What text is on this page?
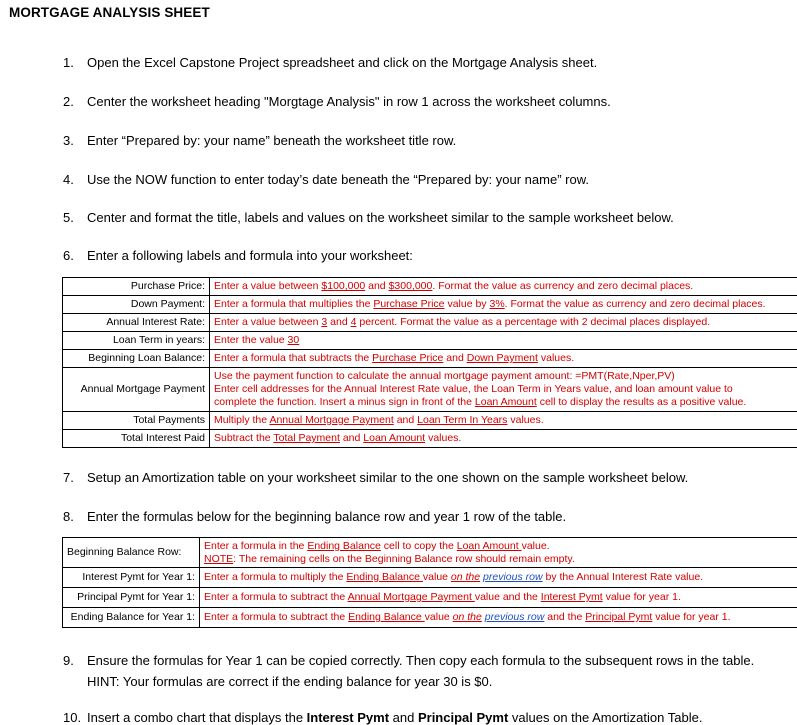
MORTGAGE ANALYSIS SHEET
1. Open the Excel Capstone Project spreadsheet and click on the Mortgage Analysis sheet.
2. Center the worksheet heading "Morgtage Analysis" in row 1 across the worksheet columns.
3. Enter “Prepared by: your name” beneath the worksheet title row.
4. Use the NOW function to enter today’s date beneath the “Prepared by: your name” row.
5. Center and format the title, labels and values on the worksheet similar to the sample worksheet below.
6. Enter a following labels and formula into your worksheet:
Purchase Price:	Enter a value between $100,000 and $300,000. Format the value as currency and zero decimal places.
Down Payment:	Enter a formula that multiplies the Purchase Price value by 3%. Format the value as currency and zero decimal places.
Annual Interest Rate:	Enter a value between 3 and 4 percent. Format the value as a percentage with 2 decimal places displayed.
Loan Term in years:	Enter the value 30
Beginning Loan Balance:	Enter a formula that subtracts the Purchase Price and Down Payment values.
Annual Mortgage Payment	Use the payment function to calculate the annual mortgage payment amount: =PMT(Rate,Nper,PV)
Enter cell addresses for the Annual Interest Rate value, the Loan Term in Years value, and loan amount value to
complete the function. Insert a minus sign in front of the Loan Amount cell to display the results as a positive value.

Total Payments	Multiply the Annual Mortgage Payment and Loan Term In Years values.
Total Interest Paid	Subtract the Total Payment and Loan Amount values.
7. Setup an Amortization table on your worksheet similar to the one shown on the sample worksheet below.
8. Enter the formulas below for the beginning balance row and year 1 row of the table.
Beginning Balance Row:	Enter a formula in the Ending Balance cell to copy the Loan Amount value.
NOTE: The remaining cells on the Beginning Balance row should remain empty.

Interest Pymt for Year 1:	Enter a formula to multiply the Ending Balance value on the previous row by the Annual Interest Rate value.
Principal Pymt for Year 1:	Enter a formula to subtract the Annual Mortgage Payment value and the Interest Pymt value for year 1.
Ending Balance for Year 1:	Enter a formula to subtract the Ending Balance value on the previous row and the Principal Pymt value for year 1.
9. Ensure the formulas for Year 1 can be copied correctly. Then copy each formula to the subsequent rows in the table.
HINT: Your formulas are correct if the ending balance for year 30 is $0.
10. Insert a combo chart that displays the Interest Pymt and Principal Pymt values on the Amortization Table.
